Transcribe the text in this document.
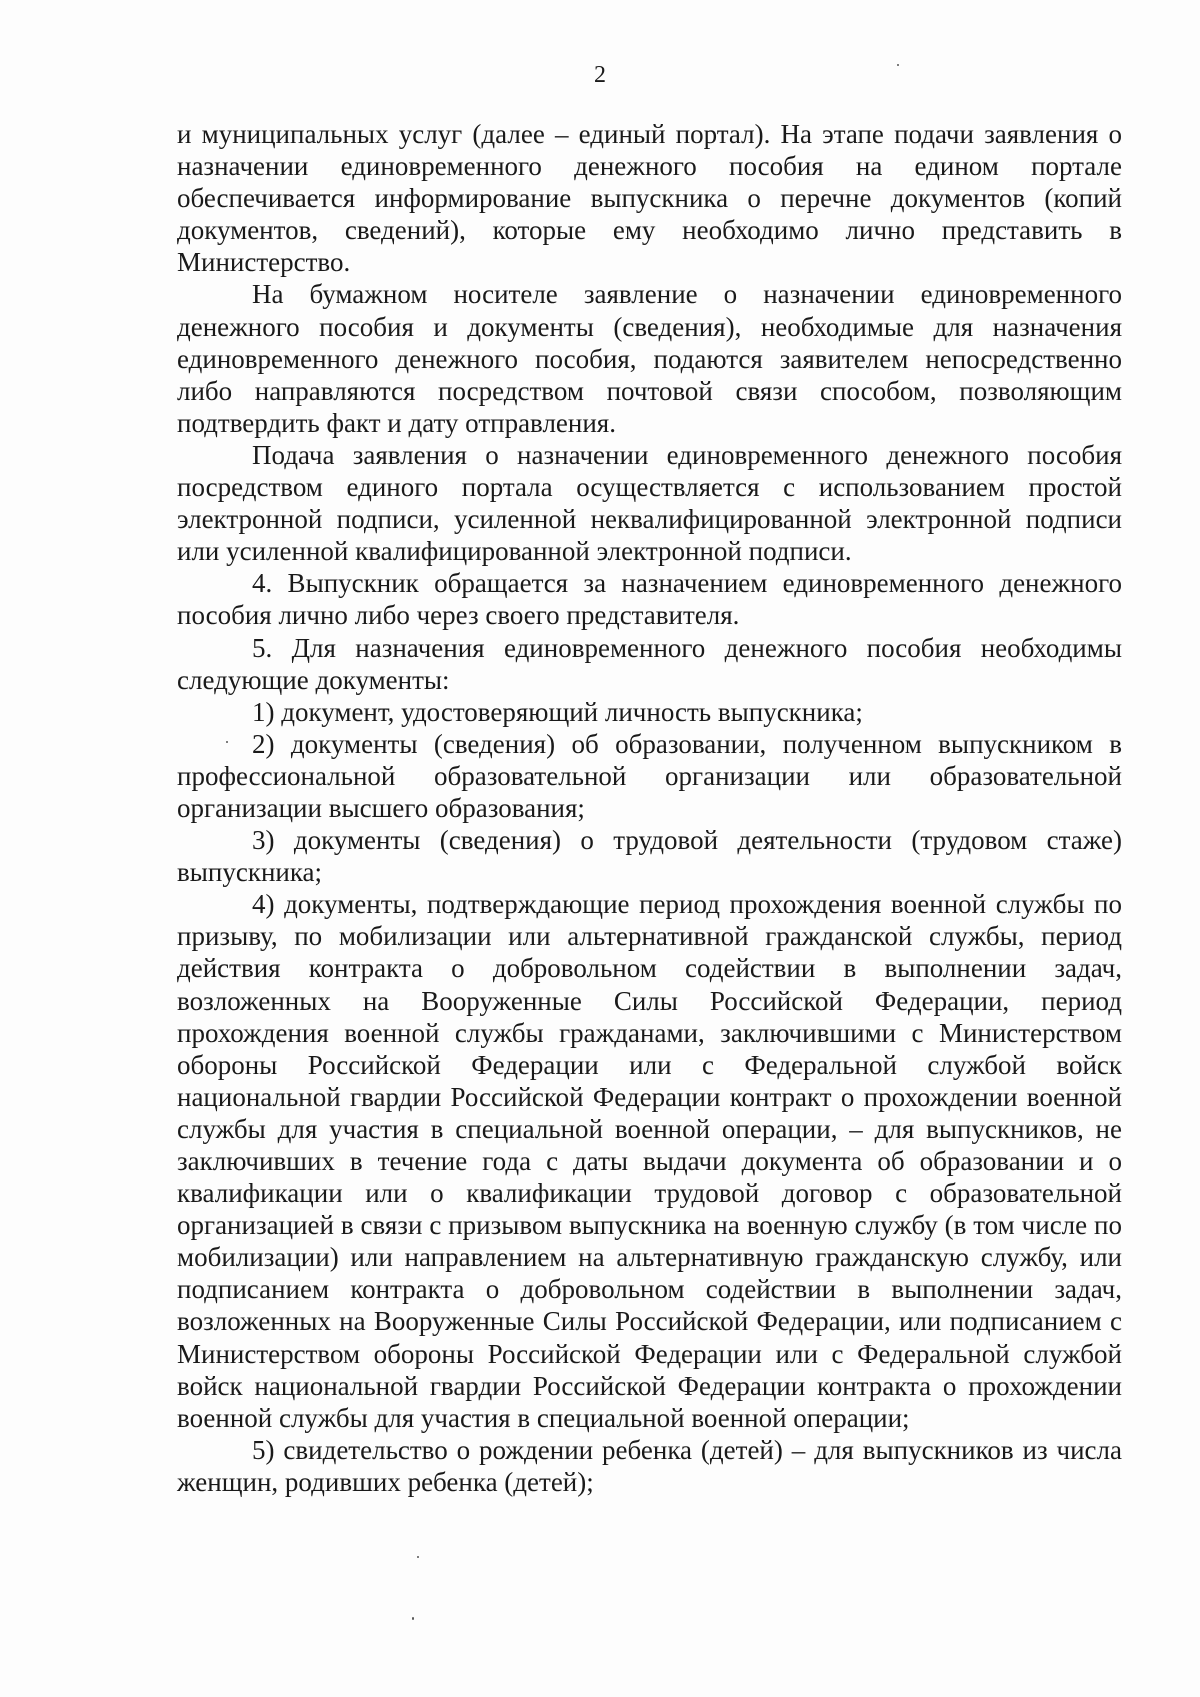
2

и муниципальных услуг (далее – единый портал). На этапе подачи заявления о назначении единовременного денежного пособия на едином портале обеспечивается информирование выпускника о перечне документов (копий документов, сведений), которые ему необходимо лично представить в Министерство.

На бумажном носителе заявление о назначении единовременного денежного пособия и документы (сведения), необходимые для назначения единовременного денежного пособия, подаются заявителем непосредственно либо направляются посредством почтовой связи способом, позволяющим подтвердить факт и дату отправления.

Подача заявления о назначении единовременного денежного пособия посредством единого портала осуществляется с использованием простой электронной подписи, усиленной неквалифицированной электронной подписи или усиленной квалифицированной электронной подписи.

4. Выпускник обращается за назначением единовременного денежного пособия лично либо через своего представителя.

5. Для назначения единовременного денежного пособия необходимы следующие документы:

1) документ, удостоверяющий личность выпускника;

2) документы (сведения) об образовании, полученном выпускником в профессиональной образовательной организации или образовательной организации высшего образования;

3) документы (сведения) о трудовой деятельности (трудовом стаже) выпускника;

4) документы, подтверждающие период прохождения военной службы по призыву, по мобилизации или альтернативной гражданской службы, период действия контракта о добровольном содействии в выполнении задач, возложенных на Вооруженные Силы Российской Федерации, период прохождения военной службы гражданами, заключившими с Министерством обороны Российской Федерации или с Федеральной службой войск национальной гвардии Российской Федерации контракт о прохождении военной службы для участия в специальной военной операции, – для выпускников, не заключивших в течение года с даты выдачи документа об образовании и о квалификации или о квалификации трудовой договор с образовательной организацией в связи с призывом выпускника на военную службу (в том числе по мобилизации) или направлением на альтернативную гражданскую службу, или подписанием контракта о добровольном содействии в выполнении задач, возложенных на Вооруженные Силы Российской Федерации, или подписанием с Министерством обороны Российской Федерации или с Федеральной службой войск национальной гвардии Российской Федерации контракта о прохождении военной службы для участия в специальной военной операции;

5) свидетельство о рождении ребенка (детей) – для выпускников из числа женщин, родивших ребенка (детей);
